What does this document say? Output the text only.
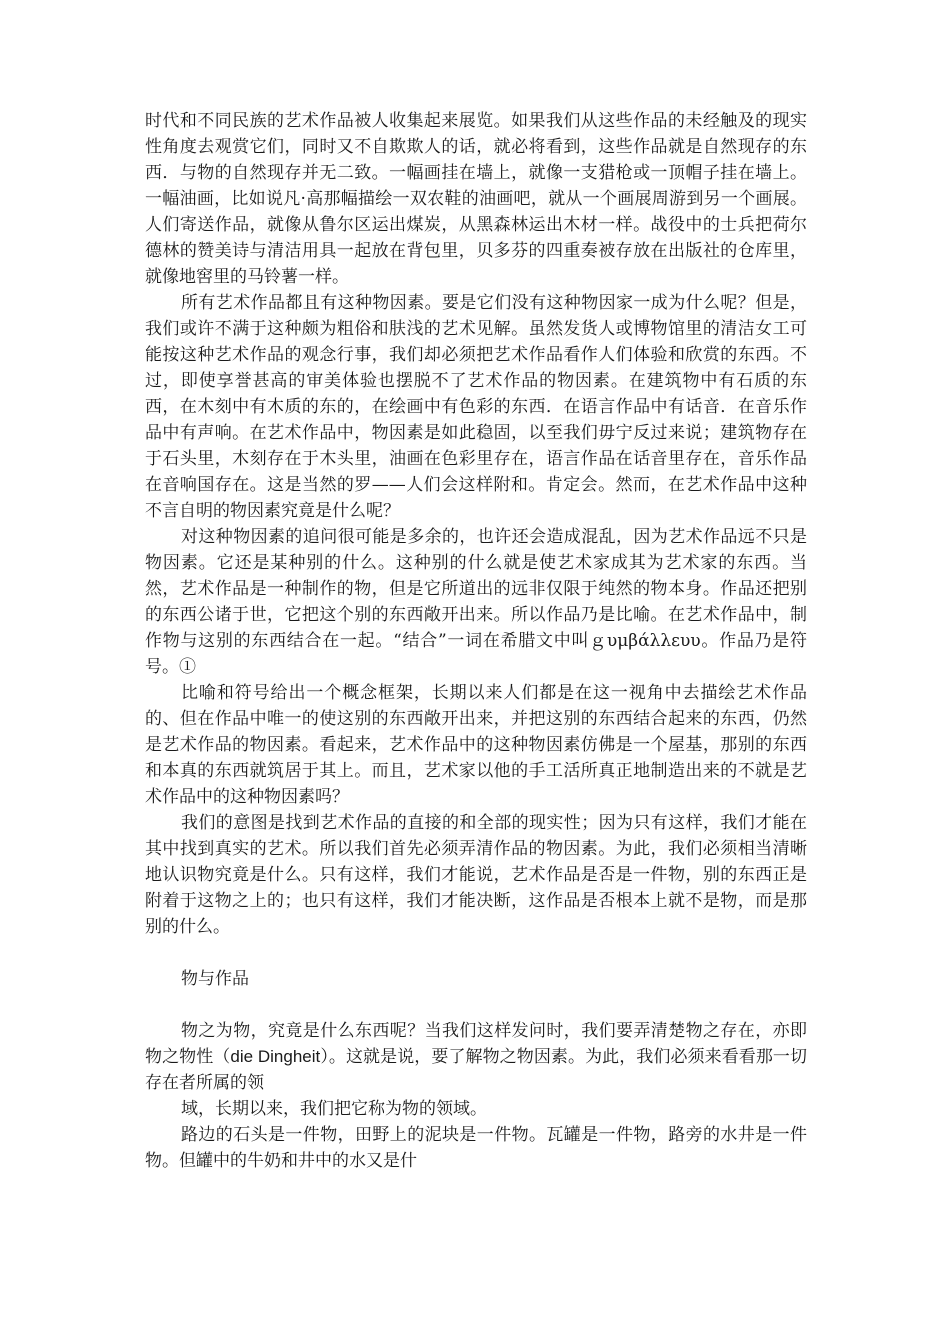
时代和不同民族的艺术作品被人收集起来展览。如果我们从这些作品的未经触及的现实性角度去观赏它们，同时又不自欺欺人的话，就必将看到，这些作品就是自然现存的东西．与物的自然现存并无二致。一幅画挂在墙上，就像一支猎枪或一顶帽子挂在墙上。一幅油画，比如说凡·高那幅描绘一双农鞋的油画吧，就从一个画展周游到另一个画展。人们寄送作品，就像从鲁尔区运出煤炭，从黑森林运出木材一样。战役中的士兵把荷尔德林的赞美诗与清洁用具一起放在背包里，贝多芬的四重奏被存放在出版社的仓库里，就像地窖里的马铃薯一样。

所有艺术作品都且有这种物因素。要是它们没有这种物因家一成为什么呢？但是，我们或许不满于这种颇为粗俗和肤浅的艺术见解。虽然发货人或博物馆里的清洁女工可能按这种艺术作品的观念行事，我们却必须把艺术作品看作人们体验和欣赏的东西。不过，即使享誉甚高的审美体验也摆脱不了艺术作品的物因素。在建筑物中有石质的东西，在木刻中有木质的东的，在绘画中有色彩的东西．在语言作品中有话音．在音乐作品中有声响。在艺术作品中，物因素是如此稳固，以至我们毋宁反过来说；建筑物存在于石头里，木刻存在于木头里，油画在色彩里存在，语言作品在话音里存在，音乐作品在音响国存在。这是当然的罗——人们会这样附和。肯定会。然而，在艺术作品中这种不言自明的物因素究竟是什么呢？

对这种物因素的追问很可能是多余的，也许还会造成混乱，因为艺术作品远不只是物因素。它还是某种别的什么。这种别的什么就是使艺术家成其为艺术家的东西。当然，艺术作品是一种制作的物，但是它所道出的远非仅限于纯然的物本身。作品还把别的东西公诸于世，它把这个别的东西敞开出来。所以作品乃是比喻。在艺术作品中，制作物与这别的东西结合在一起。“结合”一词在希腊文中叫ｇυμβάλλευυ。作品乃是符号。①

比喻和符号给出一个概念框架，长期以来人们都是在这一视角中去描绘艺术作品的、但在作品中唯一的使这别的东西敞开出来，并把这别的东西结合起来的东西，仍然是艺术作品的物因素。看起来，艺术作品中的这种物因素仿佛是一个屋基，那别的东西和本真的东西就筑居于其上。而且，艺术家以他的手工活所真正地制造出来的不就是艺术作品中的这种物因素吗？

我们的意图是找到艺术作品的直接的和全部的现实性；因为只有这样，我们才能在其中找到真实的艺术。所以我们首先必须弄清作品的物因素。为此，我们必须相当清晰地认识物究竟是什么。只有这样，我们才能说，艺术作品是否是一件物，别的东西正是附着于这物之上的；也只有这样，我们才能决断，这作品是否根本上就不是物，而是那别的什么。

物与作品

物之为物，究竟是什么东西呢？当我们这样发问时，我们要弄清楚物之存在，亦即物之物性（die Dingheit）。这就是说，要了解物之物因素。为此，我们必须来看看那一切存在者所属的领

域，长期以来，我们把它称为物的领域。

路边的石头是一件物，田野上的泥块是一件物。瓦罐是一件物，路旁的水井是一件物。但罐中的牛奶和井中的水又是什
